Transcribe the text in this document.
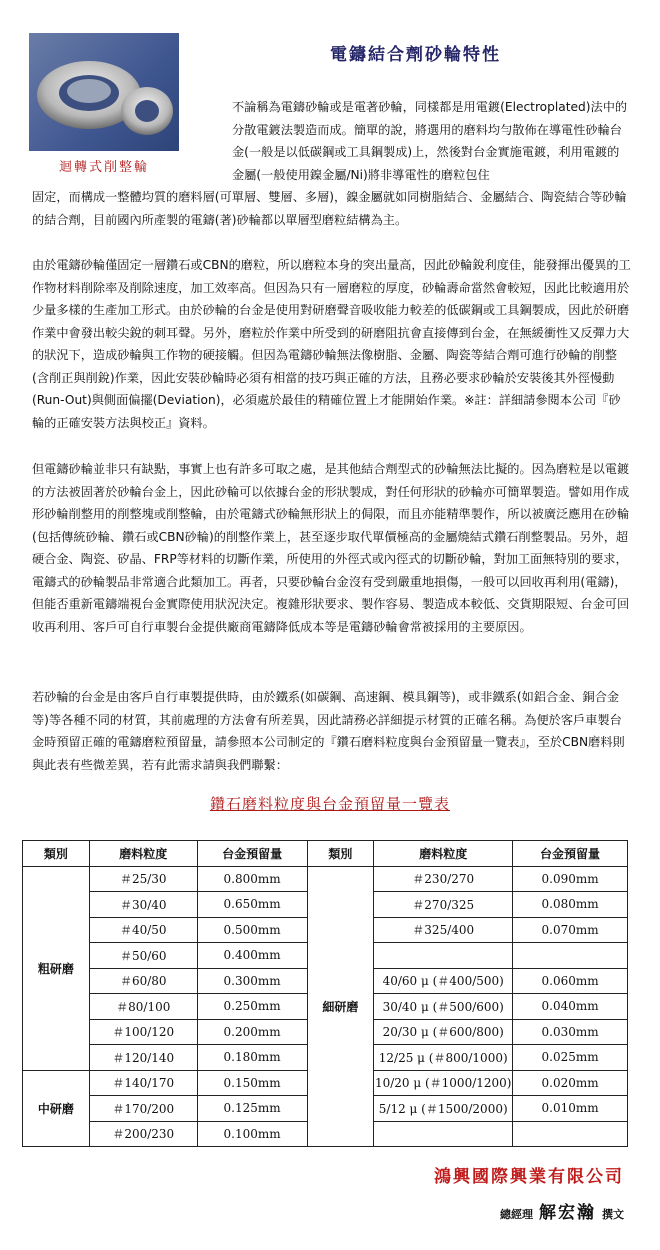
迴轉式削整輪
電鑄結合劑砂輪特性

不論稱為電鑄砂輪或是電著砂輪，同樣都是用電鍍(Electroplated)法中的分散電鍍法製造而成。簡單的說，將選用的磨料均勻散佈在導電性砂輪台金(一般是以低碳鋼或工具鋼製成)上，然後對台金實施電鍍，利用電鍍的金屬(一般使用鎳金屬/Ni)將非導電性的磨粒包住

固定，而構成一整體均質的磨料層(可單層、雙層、多層)，鎳金屬就如同樹脂結合、金屬結合、陶瓷結合等砂輪的結合劑，目前國內所產製的電鑄(著)砂輪都以單層型磨粒結構為主。

由於電鑄砂輪僅固定一層鑽石或CBN的磨粒，所以磨粒本身的突出量高，因此砂輪銳利度佳，能發揮出優異的工作物材料削除率及削除速度，加工效率高。但因為只有一層磨粒的厚度，砂輪壽命當然會較短，因此比較適用於少量多樣的生產加工形式。由於砂輪的台金是使用對研磨聲音吸收能力較差的低碳鋼或工具鋼製成，因此於研磨作業中會發出較尖銳的刺耳聲。另外，磨粒於作業中所受到的研磨阻抗會直接傳到台金，在無緩衝性又反彈力大的狀況下，造成砂輪與工作物的硬接觸。但因為電鑄砂輪無法像樹脂、金屬、陶瓷等結合劑可進行砂輪的削整(含削正與削銳)作業，因此安裝砂輪時必須有相當的技巧與正確的方法，且務必要求砂輪於安裝後其外徑慢動(Run-Out)與側面偏擺(Deviation)，必須處於最佳的精確位置上才能開始作業。※註：詳細請參閱本公司『砂輪的正確安裝方法與校正』資料。

但電鑄砂輪並非只有缺點，事實上也有許多可取之處，是其他結合劑型式的砂輪無法比擬的。因為磨粒是以電鍍的方法被固著於砂輪台金上，因此砂輪可以依據台金的形狀製成，對任何形狀的砂輪亦可簡單製造。譬如用作成形砂輪削整用的削整塊或削整輪，由於電鑄式砂輪無形狀上的侷限，而且亦能精準製作，所以被廣泛應用在砂輪(包括傳統砂輪、鑽石或CBN砂輪)的削整作業上，甚至逐步取代單價極高的金屬燒結式鑽石削整製品。另外，超硬合金、陶瓷、矽晶、FRP等材料的切斷作業，所使用的外徑式或內徑式的切斷砂輪，對加工面無特別的要求，電鑄式的砂輪製品非常適合此類加工。再者，只要砂輪台金沒有受到嚴重地損傷，一般可以回收再利用(電鑄)，但能否重新電鑄端視台金實際使用狀況決定。複雜形狀要求、製作容易、製造成本較低、交貨期限短、台金可回收再利用、客戶可自行車製台金提供廠商電鑄降低成本等是電鑄砂輪會常被採用的主要原因。

若砂輪的台金是由客戶自行車製提供時，由於鐵系(如碳鋼、高速鋼、模具鋼等)，或非鐵系(如鋁合金、銅合金等)等各種不同的材質，其前處理的方法會有所差異，因此請務必詳細提示材質的正確名稱。為便於客戶車製台金時預留正確的電鑄磨粒預留量，請參照本公司制定的『鑽石磨料粒度與台金預留量一覽表』，至於CBN磨料則與此表有些微差異，若有此需求請與我們聯繫：

鑽石磨料粒度與台金預留量一覽表
類別	磨料粒度	台金預留量	類別	磨料粒度	台金預留量
粗研磨	＃25/30	0.800mm	細研磨	＃230/270	0.090mm
	＃30/40	0.650mm		＃270/325	0.080mm
	＃40/50	0.500mm		＃325/400	0.070mm
	＃50/60	0.400mm			
	＃60/80	0.300mm		40/60 μ (＃400/500)	0.060mm
	＃80/100	0.250mm		30/40 μ (＃500/600)	0.040mm
	＃100/120	0.200mm		20/30 μ (＃600/800)	0.030mm
	＃120/140	0.180mm		12/25 μ (＃800/1000)	0.025mm
中研磨	＃140/170	0.150mm		10/20 μ (＃1000/1200)	0.020mm
	＃170/200	0.125mm		5/12 μ (＃1500/2000)	0.010mm
	＃200/230	0.100mm			
鴻興國際興業有限公司
總經理 解宏瀚 撰文
